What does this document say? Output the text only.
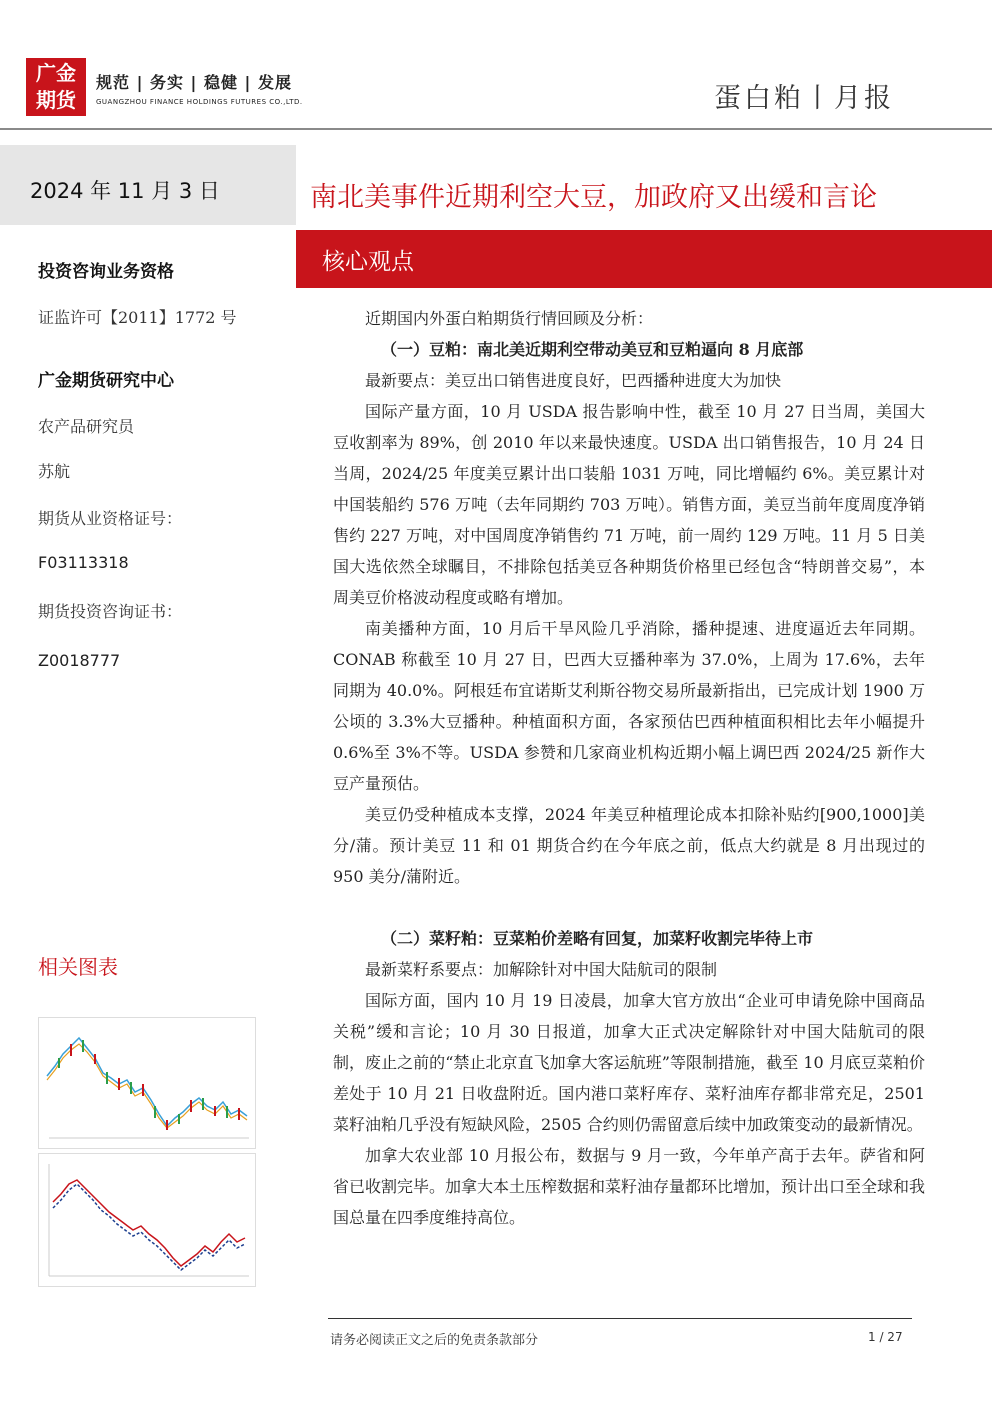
广金
期货
规范 | 务实 | 稳健 | 发展
GUANGZHOU FINANCE HOLDINGS FUTURES CO.,LTD.	蛋白粕丨月报
2024 年 11 月 3 日
投资咨询业务资格
证监许可【2011】1772 号
广金期货研究中心
农产品研究员
苏航
期货从业资格证号：
F03113318
期货投资咨询证书：
Z0018777
相关图表
南北美事件近期利空大豆，加政府又出缓和言论
核心观点

近期国内外蛋白粕期货行情回顾及分析：

（一）豆粕：南北美近期利空带动美豆和豆粕逼向 8 月底部

最新要点：美豆出口销售进度良好，巴西播种进度大为加快

国际产量方面，10 月 USDA 报告影响中性，截至 10 月 27 日当周，美国大豆收割率为 89%，创 2010 年以来最快速度。USDA 出口销售报告，10 月 24 日当周，2024/25 年度美豆累计出口装船 1031 万吨，同比增幅约 6%。美豆累计对中国装船约 576 万吨（去年同期约 703 万吨）。销售方面，美豆当前年度周度净销售约 227 万吨，对中国周度净销售约 71 万吨，前一周约 129 万吨。11 月 5 日美国大选依然全球瞩目，不排除包括美豆各种期货价格里已经包含“特朗普交易”，本周美豆价格波动程度或略有增加。

南美播种方面，10 月后干旱风险几乎消除，播种提速、进度逼近去年同期。CONAB 称截至 10 月 27 日，巴西大豆播种率为 37.0%，上周为 17.6%，去年同期为 40.0%。阿根廷布宜诺斯艾利斯谷物交易所最新指出，已完成计划 1900 万公顷的 3.3%大豆播种。种植面积方面，各家预估巴西种植面积相比去年小幅提升 0.6%至 3%不等。USDA 参赞和几家商业机构近期小幅上调巴西 2024/25 新作大豆产量预估。

美豆仍受种植成本支撑，2024 年美豆种植理论成本扣除补贴约[900,1000]美分/蒲。预计美豆 11 和 01 期货合约在今年底之前，低点大约就是 8 月出现过的 950 美分/蒲附近。

（二）菜籽粕：豆菜粕价差略有回复，加菜籽收割完毕待上市

最新菜籽系要点：加解除针对中国大陆航司的限制

国际方面，国内 10 月 19 日凌晨，加拿大官方放出“企业可申请免除中国商品关税”缓和言论；10 月 30 日报道，加拿大正式决定解除针对中国大陆航司的限制，废止之前的“禁止北京直飞加拿大客运航班”等限制措施，截至 10 月底豆菜粕价差处于 10 月 21 日收盘附近。国内港口菜籽库存、菜籽油库存都非常充足，2501 菜籽油粕几乎没有短缺风险，2505 合约则仍需留意后续中加政策变动的最新情况。

加拿大农业部 10 月报公布，数据与 9 月一致，今年单产高于去年。萨省和阿省已收割完毕。加拿大本土压榨数据和菜籽油存量都环比增加，预计出口至全球和我国总量在四季度维持高位。

请务必阅读正文之后的免责条款部分	1 / 27
